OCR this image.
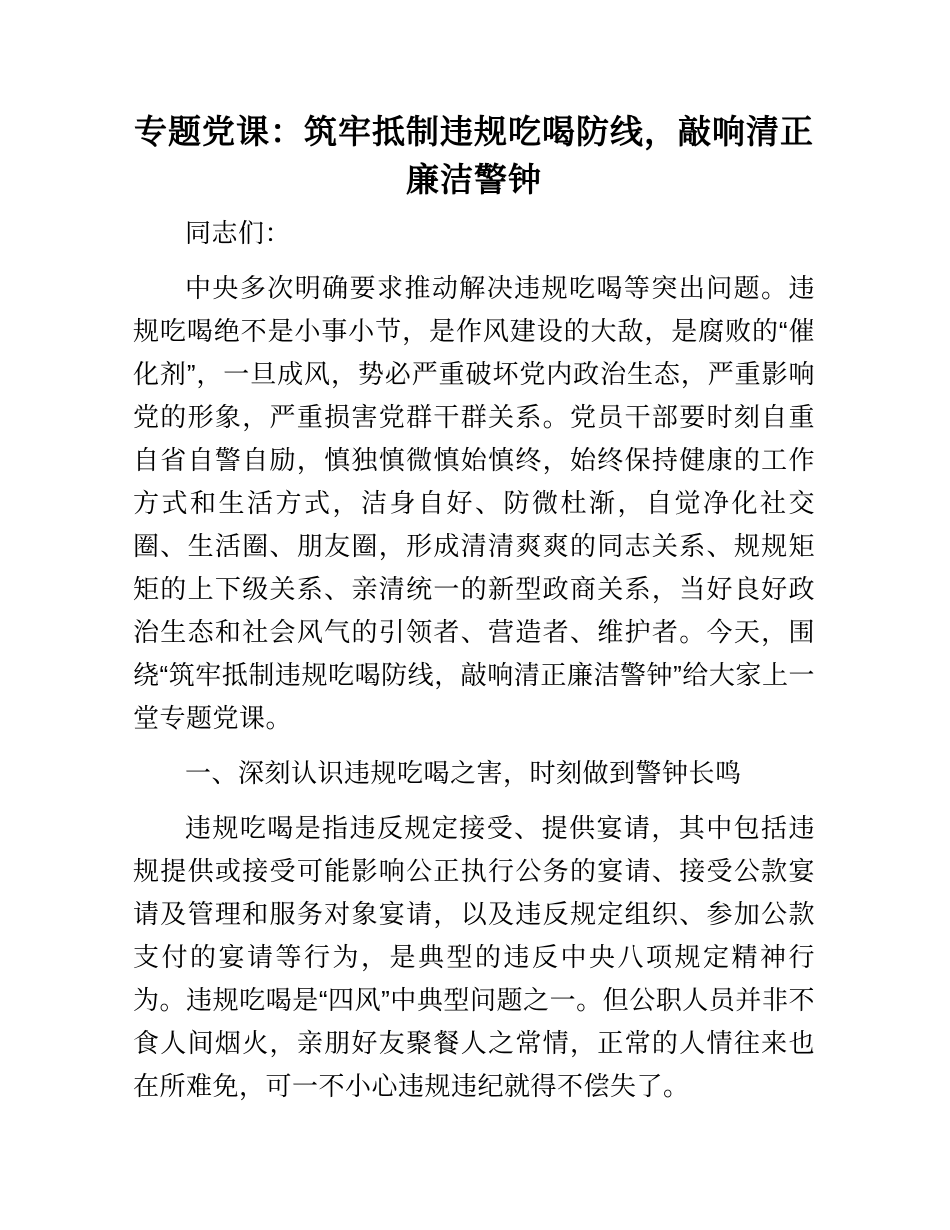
专题党课：筑牢抵制违规吃喝防线，敲响清正廉洁警钟

同志们：

中央多次明确要求推动解决违规吃喝等突出问题。违规吃喝绝不是小事小节，是作风建设的大敌，是腐败的“催化剂”，一旦成风，势必严重破坏党内政治生态，严重影响党的形象，严重损害党群干群关系。党员干部要时刻自重自省自警自励，慎独慎微慎始慎终，始终保持健康的工作方式和生活方式，洁身自好、防微杜渐，自觉净化社交圈、生活圈、朋友圈，形成清清爽爽的同志关系、规规矩矩的上下级关系、亲清统一的新型政商关系，当好良好政治生态和社会风气的引领者、营造者、维护者。今天，围绕“筑牢抵制违规吃喝防线，敲响清正廉洁警钟”给大家上一堂专题党课。

一、深刻认识违规吃喝之害，时刻做到警钟长鸣

违规吃喝是指违反规定接受、提供宴请，其中包括违规提供或接受可能影响公正执行公务的宴请、接受公款宴请及管理和服务对象宴请，以及违反规定组织、参加公款支付的宴请等行为，是典型的违反中央八项规定精神行为。违规吃喝是“四风”中典型问题之一。但公职人员并非不食人间烟火，亲朋好友聚餐人之常情，正常的人情往来也在所难免，可一不小心违规违纪就得不偿失了。
